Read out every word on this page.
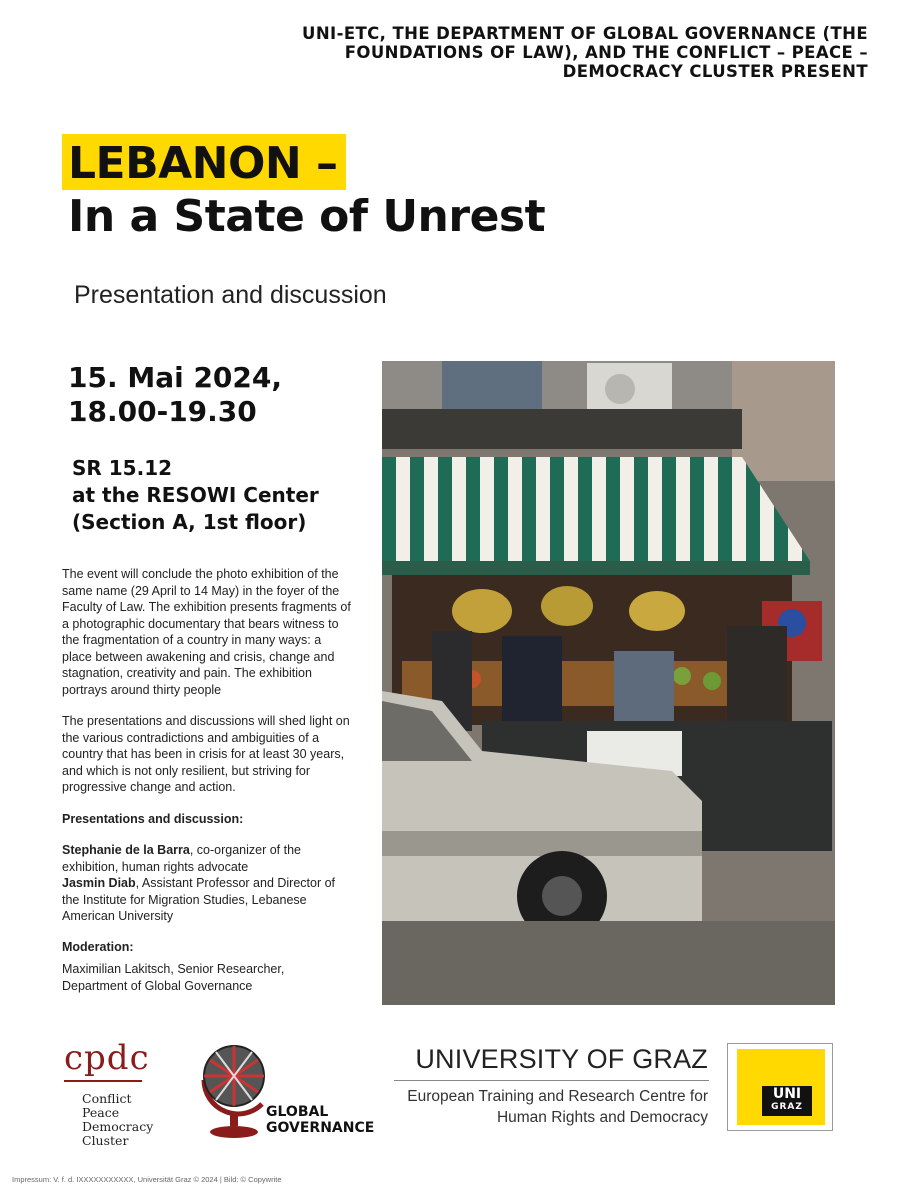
UNI-ETC, THE DEPARTMENT OF GLOBAL GOVERNANCE (THE
FOUNDATIONS OF LAW), AND THE CONFLICT – PEACE –
DEMOCRACY CLUSTER PRESENT
LEBANON –
In a State of Unrest
Presentation and discussion
15. Mai 2024,
18.00-19.30
SR 15.12
at the RESOWI Center
(Section A, 1st floor)

The event will conclude the photo exhibition of the same name (29 April to 14 May) in the foyer of the Faculty of Law. The exhibition presents fragments of a photographic documentary that bears witness to the fragmentation of a country in many ways: a place between awakening and crisis, change and stagnation, creativity and pain. The exhibition portrays around thirty people

The presentations and discussions will shed light on the various contradictions and ambiguities of a country that has been in crisis for at least 30 years, and which is not only resilient, but striving for progressive change and action.

Presentations and discussion:
Stephanie de la Barra, co-organizer of the exhibition, human rights advocate
Jasmin Diab, Assistant Professor and Director of the Institute for Migration Studies, Lebanese American University
Moderation:
Maximilian Lakitsch, Senior Researcher, Department of Global Governance
cpdc
Conflict
Peace
Democracy
Cluster
GLOBAL
GOVERNANCE
UNIVERSITY OF GRAZ
European Training and Research Centre for
Human Rights and Democracy
UNI
GRAZ
Impressum: V. f. d. IXXXXXXXXXXX, Universität Graz © 2024 | Bild: © Copywrite
